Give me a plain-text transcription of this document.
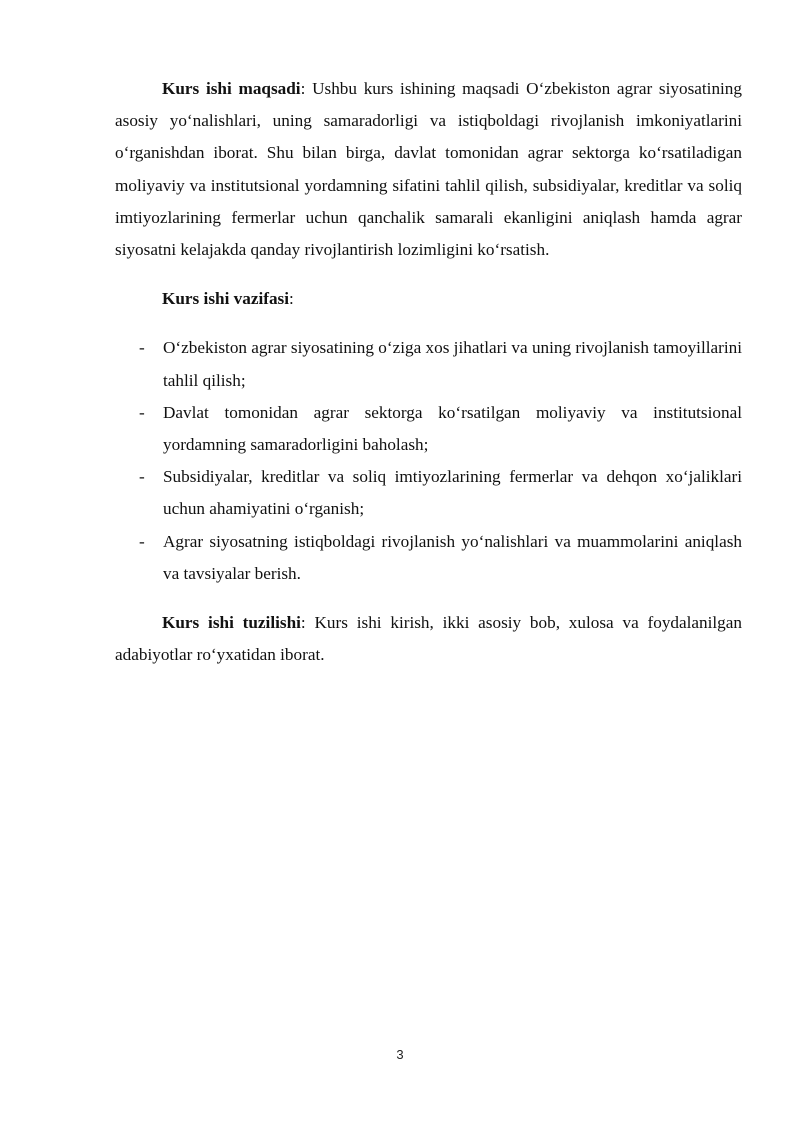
Kurs ishi maqsadi: Ushbu kurs ishining maqsadi O‘zbekiston agrar siyosatining asosiy yo‘nalishlari, uning samaradorligi va istiqboldagi rivojlanish imkoniyatlarini o‘rganishdan iborat. Shu bilan birga, davlat tomonidan agrar sektorga ko‘rsatiladigan moliyaviy va institutsional yordamning sifatini tahlil qilish, subsidiyalar, kreditlar va soliq imtiyozlarining fermerlar uchun qanchalik samarali ekanligini aniqlash hamda agrar siyosatni kelajakda qanday rivojlantirish lozimligini ko‘rsatish.

Kurs ishi vazifasi:

- O‘zbekiston agrar siyosatining o‘ziga xos jihatlari va uning rivojlanish tamoyillarini tahlil qilish;
- Davlat tomonidan agrar sektorga ko‘rsatilgan moliyaviy va institutsional yordamning samaradorligini baholash;
- Subsidiyalar, kreditlar va soliq imtiyozlarining fermerlar va dehqon xo‘jaliklari uchun ahamiyatini o‘rganish;
- Agrar siyosatning istiqboldagi rivojlanish yo‘nalishlari va muammolarini aniqlash va tavsiyalar berish.

Kurs ishi tuzilishi: Kurs ishi kirish, ikki asosiy bob, xulosa va foydalanilgan adabiyotlar ro‘yxatidan iborat.

3
